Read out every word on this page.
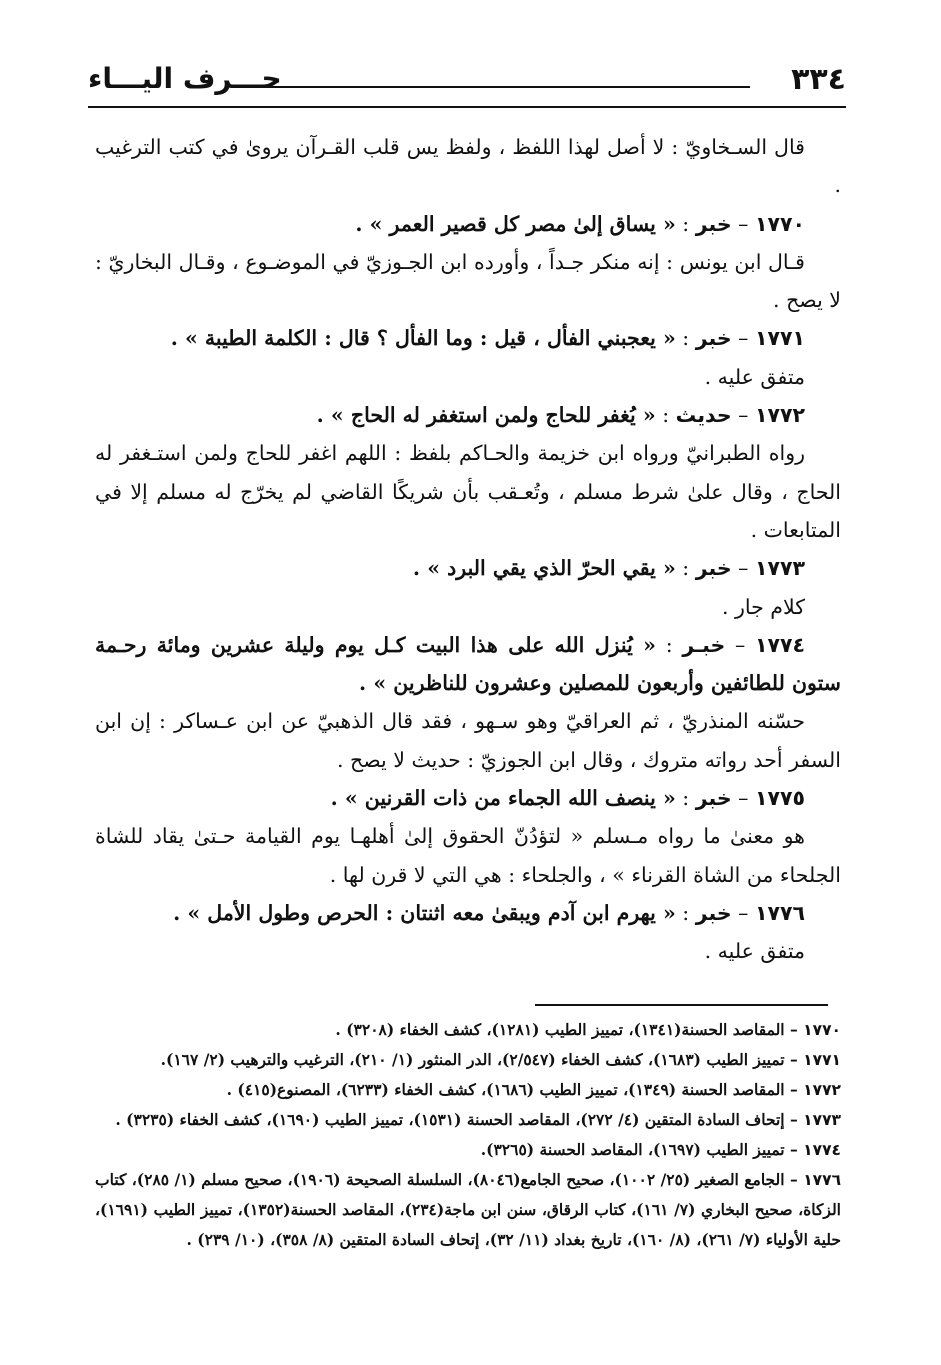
٣٣٤
حـــرف اليـــاء

قال السـخاويّ : لا أصل لهذا اللفظ ، ولفظ يس قلب القـرآن يروىٰ في كتب الترغيب .

١٧٧٠ – خبر : « يساق إلىٰ مصر كل قصير العمر » .

قـال ابن يونس : إنه منكر جـداً ، وأورده ابن الجـوزيّ في الموضـوع ، وقـال البخاريّ : لا يصح .

١٧٧١ – خبر : « يعجبني الفأل ، قيل : وما الفأل ؟ قال : الكلمة الطيبة » .

متفق عليه .

١٧٧٢ – حديث : « يُغفر للحاج ولمن استغفر له الحاج » .

رواه الطبرانيّ ورواه ابن خزيمة والحـاكم بلفظ : اللهم اغفر للحاج ولمن استـغفر له الحاج ، وقال علىٰ شرط مسلم ، وتُعـقب بأن شريكًا القاضي لم يخرّج له مسلم إلا في المتابعات .

١٧٧٣ – خبر : « يقي الحرّ الذي يقي البرد » .

كلام جار .

١٧٧٤ – خبـر : « يُنزل الله على هذا البيت كـل يوم وليلة عشرين ومائة رحـمة ستون للطائفين وأربعون للمصلين وعشرون للناظرين » .

حسّنه المنذريّ ، ثم العراقيّ وهو سـهو ، فقد قال الذهبيّ عن ابن عـساكر : إن ابن السفر أحد رواته متروك ، وقال ابن الجوزيّ : حديث لا يصح .

١٧٧٥ – خبر : « ينصف الله الجماء من ذات القرنين » .

هو معنىٰ ما رواه مـسلم « لتؤدُنّ الحقوق إلىٰ أهلهـا يوم القيامة حـتىٰ يقاد للشاة الجلحاء من الشاة القرناء » ، والجلحاء : هي التي لا قرن لها .

١٧٧٦ – خبر : « يهرم ابن آدم ويبقىٰ معه اثنتان : الحرص وطول الأمل » .

متفق عليه .

١٧٧٠ – المقاصد الحسنة(١٣٤١)، تمييز الطيب (١٢٨١)، كشف الخفاء (٣٢٠٨) .

١٧٧١ – تمييز الطيب (١٦٨٣)، كشف الخفاء (٢/٥٤٧)، الدر المنثور (١/ ٢١٠)، الترغيب والترهيب (٢/ ١٦٧).

١٧٧٢ – المقاصد الحسنة (١٣٤٩)، تمييز الطيب (١٦٨٦)، كشف الخفاء (٦٢٣٣)، المصنوع(٤١٥) .

١٧٧٣ – إتحاف السادة المتقين (٤/ ٢٧٢)، المقاصد الحسنة (١٥٣١)، تمييز الطيب (١٦٩٠)، كشف الخفاء (٣٢٣٥) .

١٧٧٤ – تمييز الطيب (١٦٩٧)، المقاصد الحسنة (٣٢٦٥).

١٧٧٦ – الجامع الصغير (٢٥/ ١٠٠٢)، صحيح الجامع(٨٠٤٦)، السلسلة الصحيحة (١٩٠٦)، صحيح مسلم (١/ ٢٨٥)، كتاب الزكاة، صحيح البخاري (٧/ ١٦١)، كتاب الرقاق، سنن ابن ماجة(٢٣٤)، المقاصد الحسنة(١٣٥٢)، تمييز الطيب (١٦٩١)، حلية الأولياء (٧/ ٢٦١)، (٨/ ١٦٠)، تاريخ بغداد (١١/ ٣٢)، إتحاف السادة المتقين (٨/ ٣٥٨)، (١٠/ ٢٣٩) .
